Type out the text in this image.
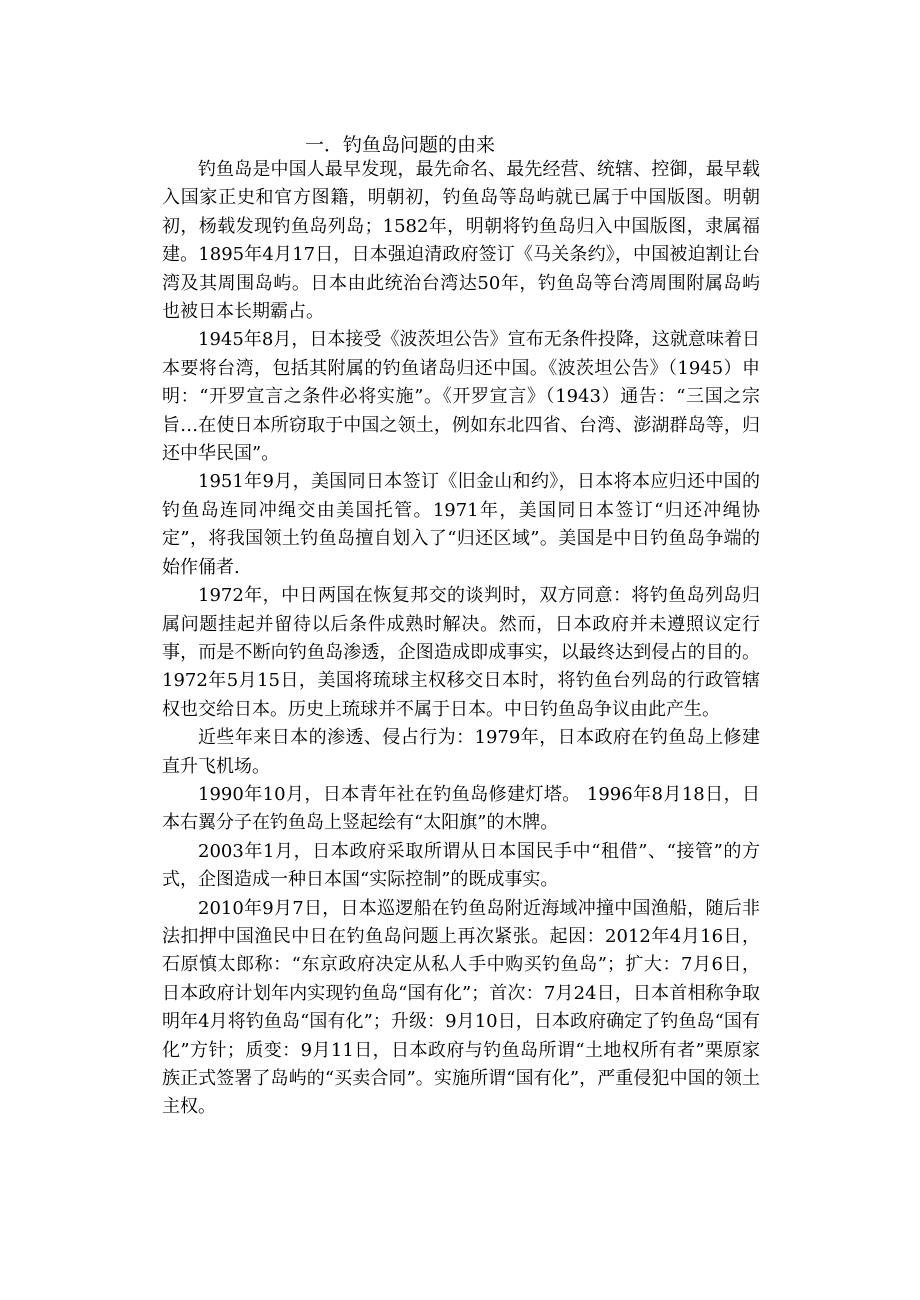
一．钓鱼岛问题的由来

钓鱼岛是中国人最早发现，最先命名、最先经营、统辖、控御，最早载入国家正史和官方图籍，明朝初，钓鱼岛等岛屿就已属于中国版图。明朝初，杨载发现钓鱼岛列岛；1582年，明朝将钓鱼岛归入中国版图，隶属福建。1895年4月17日，日本强迫清政府签订《马关条约》，中国被迫割让台湾及其周围岛屿。日本由此统治台湾达50年，钓鱼岛等台湾周围附属岛屿也被日本长期霸占。

1945年8月，日本接受《波茨坦公告》宣布无条件投降，这就意味着日本要将台湾，包括其附属的钓鱼诸岛归还中国。《波茨坦公告》（1945）申明：“开罗宣言之条件必将实施”。《开罗宣言》（1943）通告：“三国之宗旨…在使日本所窃取于中国之领土，例如东北四省、台湾、澎湖群岛等，归还中华民国”。

1951年9月，美国同日本签订《旧金山和约》，日本将本应归还中国的钓鱼岛连同冲绳交由美国托管。1971年，美国同日本签订“归还冲绳协定”，将我国领土钓鱼岛擅自划入了“归还区域”。美国是中日钓鱼岛争端的始作俑者.

1972年，中日两国在恢复邦交的谈判时，双方同意：将钓鱼岛列岛归属问题挂起并留待以后条件成熟时解决。然而，日本政府并未遵照议定行事，而是不断向钓鱼岛渗透，企图造成即成事实，以最终达到侵占的目的。1972年5月15日，美国将琉球主权移交日本时，将钓鱼台列岛的行政管辖权也交给日本。历史上琉球并不属于日本。中日钓鱼岛争议由此产生。

近些年来日本的渗透、侵占行为：1979年，日本政府在钓鱼岛上修建直升飞机场。

1990年10月，日本青年社在钓鱼岛修建灯塔。 1996年8月18日，日本右翼分子在钓鱼岛上竖起绘有“太阳旗”的木牌。

2003年1月，日本政府采取所谓从日本国民手中“租借”、“接管”的方式，企图造成一种日本国“实际控制”的既成事实。

2010年9月7日，日本巡逻船在钓鱼岛附近海域冲撞中国渔船，随后非法扣押中国渔民中日在钓鱼岛问题上再次紧张。起因：2012年4月16日，石原慎太郎称：“东京政府决定从私人手中购买钓鱼岛”；扩大：7月6日，日本政府计划年内实现钓鱼岛“国有化”；首次：7月24日，日本首相称争取明年4月将钓鱼岛“国有化”；升级：9月10日，日本政府确定了钓鱼岛“国有化”方针；质变：9月11日，日本政府与钓鱼岛所谓“土地权所有者”栗原家族正式签署了岛屿的“买卖合同”。实施所谓“国有化”，严重侵犯中国的领土主权。
